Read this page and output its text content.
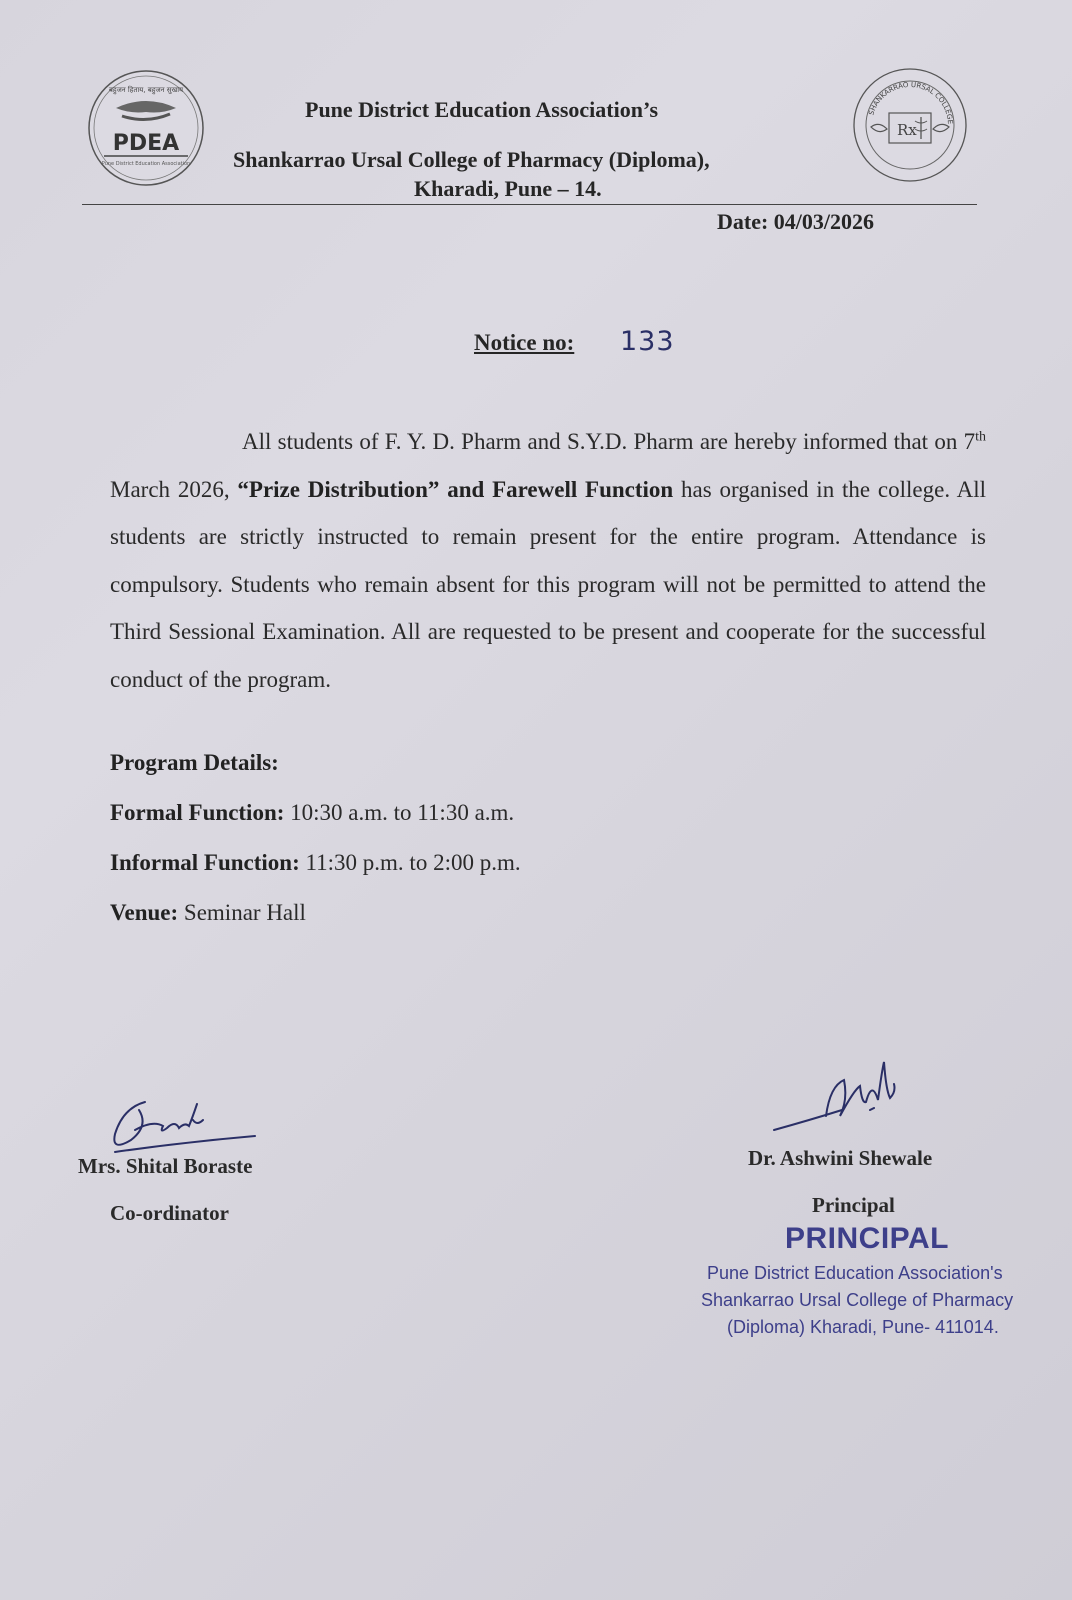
बहुजन हिताय, बहुजन सुखाय
PDEA
Pune District Education Association
SHANKARRAO URSAL COLLEGE
Rx
Pune District Education Association’s
Shankarrao Ursal College of Pharmacy (Diploma),
Kharadi, Pune – 14.
Date: 04/03/2026
Notice no: 133
All students of F. Y. D. Pharm and S.Y.D. Pharm are hereby informed that on 7th March 2026, “Prize Distribution” and Farewell Function has organised in the college. All students are strictly instructed to remain present for the entire program. Attendance is compulsory. Students who remain absent for this program will not be permitted to attend the Third Sessional Examination. All are requested to be present and cooperate for the successful conduct of the program.
Program Details:
Formal Function: 10:30 a.m. to 11:30 a.m.
Informal Function: 11:30 p.m. to 2:00 p.m.
Venue: Seminar Hall
Mrs. Shital Boraste
Co-ordinator
Dr. Ashwini Shewale
Principal
PRINCIPAL
Pune District Education Association's
Shankarrao Ursal College of Pharmacy
(Diploma) Kharadi, Pune- 411014.
